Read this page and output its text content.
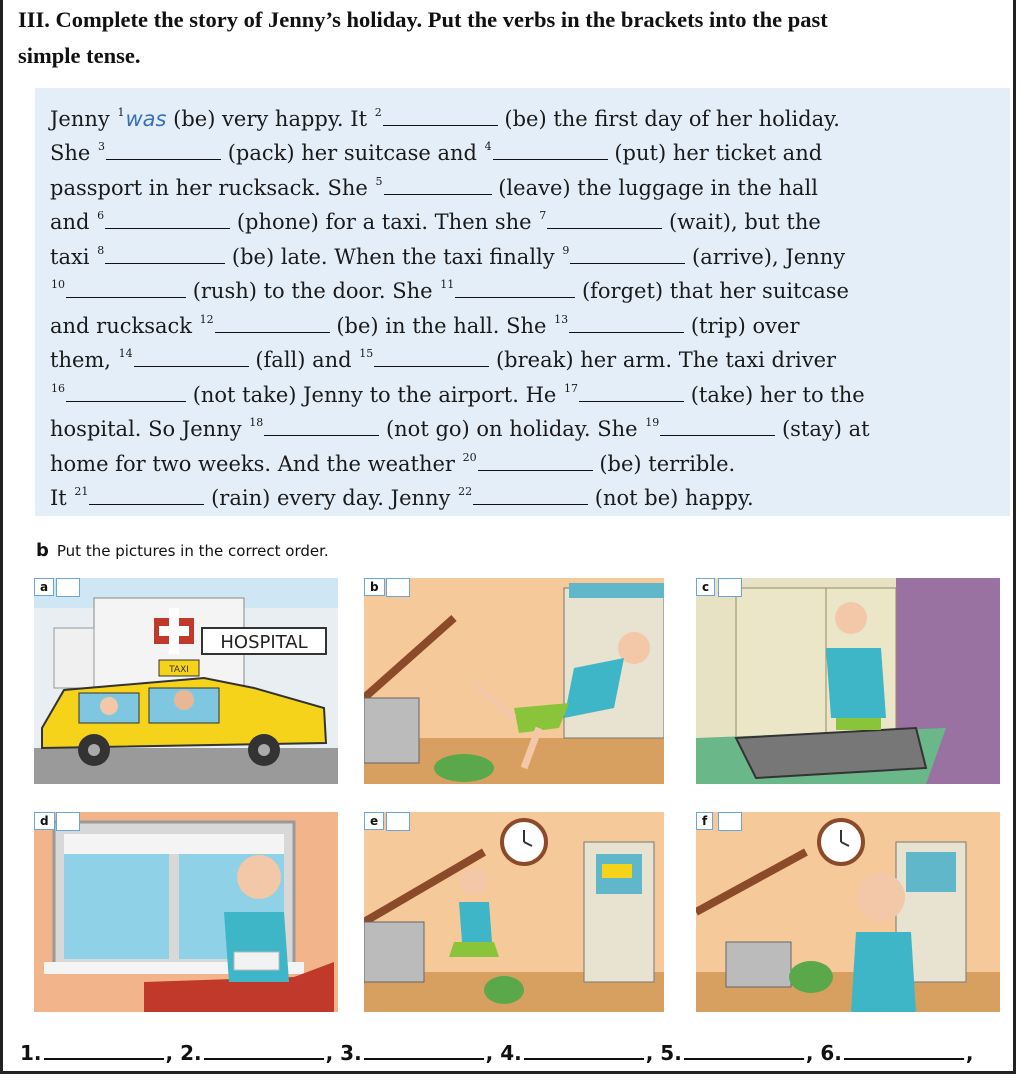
III. Complete the story of Jenny’s holiday. Put the verbs in the brackets into the past
simple tense.
Jenny $^1$was (be) very happy. It $^2$	(be) the first day of her holiday.
She $^3$	(pack) her suitcase and $^4$	(put) her ticket and
passport in her rucksack. She $^5$	(leave) the luggage in the hall
and $^6$	(phone) for a taxi. Then she $^7$	(wait), but the
taxi $^8$	(be) late. When the taxi finally $^9$	(arrive), Jenny
$^{10}$	(rush) to the door. She $^{11}$	(forget) that her suitcase
and rucksack $^{12}$	(be) in the hall. She $^{13}$	(trip) over
them, $^{14}$	(fall) and $^{15}$	(break) her arm. The taxi driver
$^{16}$	(not take) Jenny to the airport. He $^{17}$	(take) her to the
hospital. So Jenny $^{18}$	(not go) on holiday. She $^{19}$	(stay) at
home for two weeks. And the weather $^{20}$	(be) terrible.
It $^{21}$	(rain) every day. Jenny $^{22}$	(not be) happy.
b Put the pictures in the correct order.
a
HOSPITAL
TAXI
b	c
d	e	f
1.	, 2.	, 3.	, 4.	, 5.	, 6.	,
